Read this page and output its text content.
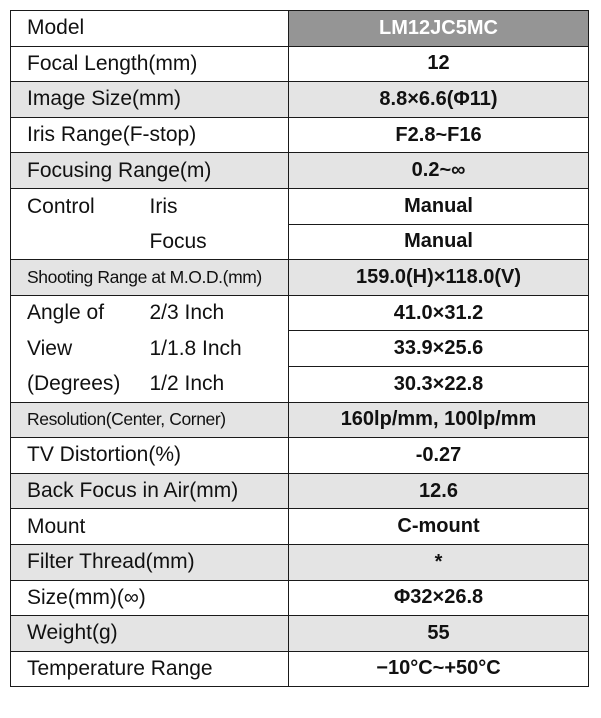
Model		LM12JC5MC
Focal Length(mm)		12
Image Size(mm)		8.8×6.6(Φ11)
Iris Range(F-stop)		F2.8~F16
Focusing Range(m)		0.2~∞
Control	Iris	Manual
	Focus	Manual
Shooting Range at M.O.D.(mm)		159.0(H)×118.0(V)
Angle of	2/3 Inch	41.0×31.2
View	1/1.8 Inch	33.9×25.6
(Degrees)	1/2 Inch	30.3×22.8
Resolution(Center, Corner)		160lp/mm, 100lp/mm
TV Distortion(%)		-0.27
Back Focus in Air(mm)		12.6
Mount		C-mount
Filter Thread(mm)		*
Size(mm)(∞)		Φ32×26.8
Weight(g)		55
Temperature Range		−10°C~+50°C
